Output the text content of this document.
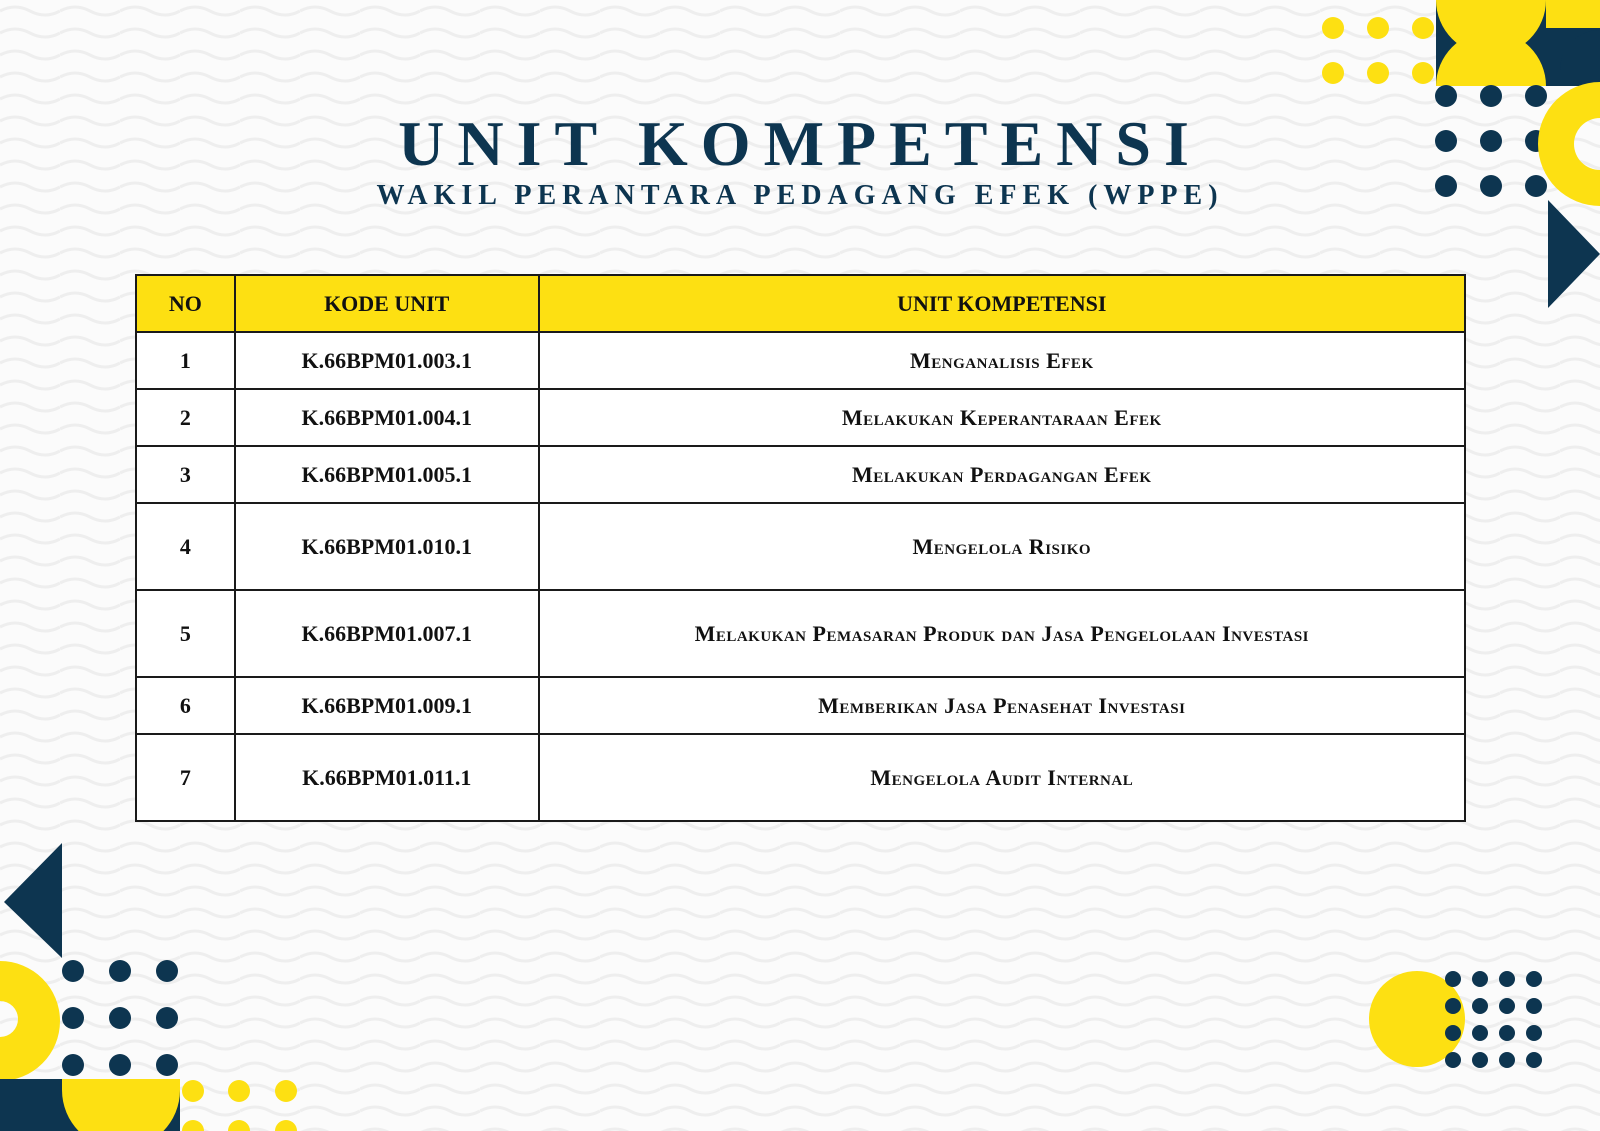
UNIT KOMPETENSI
WAKIL PERANTARA PEDAGANG EFEK (WPPE)
NO	KODE UNIT	UNIT KOMPETENSI
1	K.66BPM01.003.1	Menganalisis Efek
2	K.66BPM01.004.1	Melakukan Keperantaraan Efek
3	K.66BPM01.005.1	Melakukan Perdagangan Efek
4	K.66BPM01.010.1	Mengelola Risiko
5	K.66BPM01.007.1	Melakukan Pemasaran Produk dan Jasa Pengelolaan Investasi
6	K.66BPM01.009.1	Memberikan Jasa Penasehat Investasi
7	K.66BPM01.011.1	Mengelola Audit Internal
